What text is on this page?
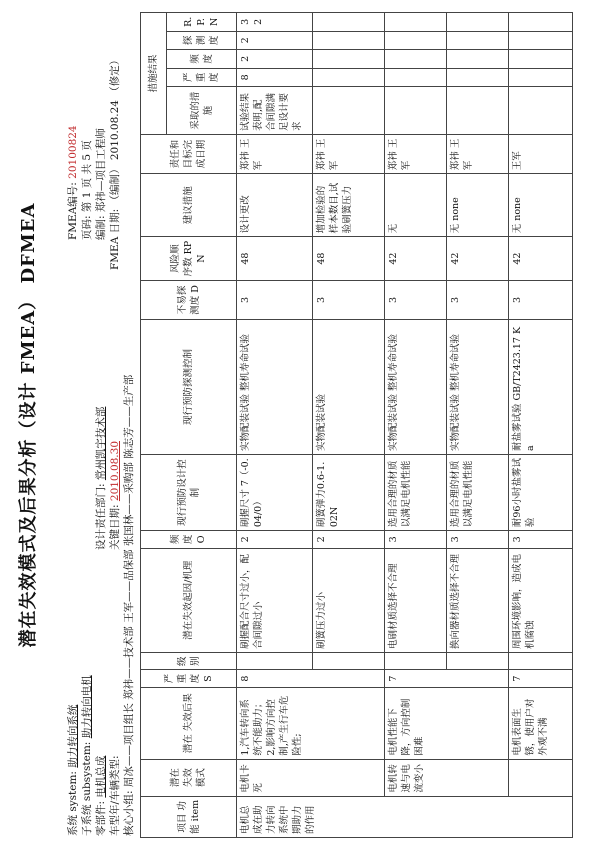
潜在失效模式及后果分析（设计 FMEA） DFMEA
系统 system: 助力转向系统
子系统 subsystem: 助力转向电机
零部件: 电机总成 车型年/车辆类型: 核心小组: 周冰——项目组长 郑祎——技术部 王军——品保部 张国林——采购部 陈志芳——生产部
设计责任部门: 常州凯宇技术部
关键日期: 2010.08.30
FMEA编号: 20100824 页码: 第 1 页 共 5 页 编制: 郑祎—项目工程师 FMEA 日期: （编制） 2010.08.24 （修定）
项目 功能 item	潜在 失效 模式	潜在 失效后果	严重度 S	级别	潜在失效起因/机理	频度 O	现行预防设计控制	现行预防探测控制	不易探测度 D	风险顺序数 RPN	建议措施	责任和目标完成日期	措施结果				
													采取的措施	严重度	频度	探测度	R.P.N
电机总成在助力转向系统中期助力的作用	电机卡死	1,汽车转向系统不能助力；2,影响方向控制,产生行车危险性;	8		刷握配合尺寸过小，配合间隙过小	2	刷握尺寸 7（-0.04/0）	实物配装试验 整机寿命试验	3	48	设计更改	郑祎 王军	试验结果表明,配合间隙满足设计要求	8	2	2	32
					刷簧压力过小	2	刷簧弹力0.6-1.02N	实物配装试验	3	48	增加检验的样本数目,试验刷簧压力	郑祎 王军					
	电机转速与电流变小	电机性能下降，方向控制困难	7		电刷材质选择不合理	3	选用合理的材质以满足电机性能	实物配装试验 整机寿命试验	3	42	无	郑祎 王军					
					换向器材质选择不合理	3	选用合理的材质以满足电机性能	实物配装试验 整机寿命试验	3	42	无 none	郑祎 王军					
		电机表面生锈，使用户对外观不满	7		周围环境影响，造成电机腐蚀	3	耐96小时盐雾试验	耐盐雾试验 GB/T2423.17 Ka	3	42	无 none	王军					
